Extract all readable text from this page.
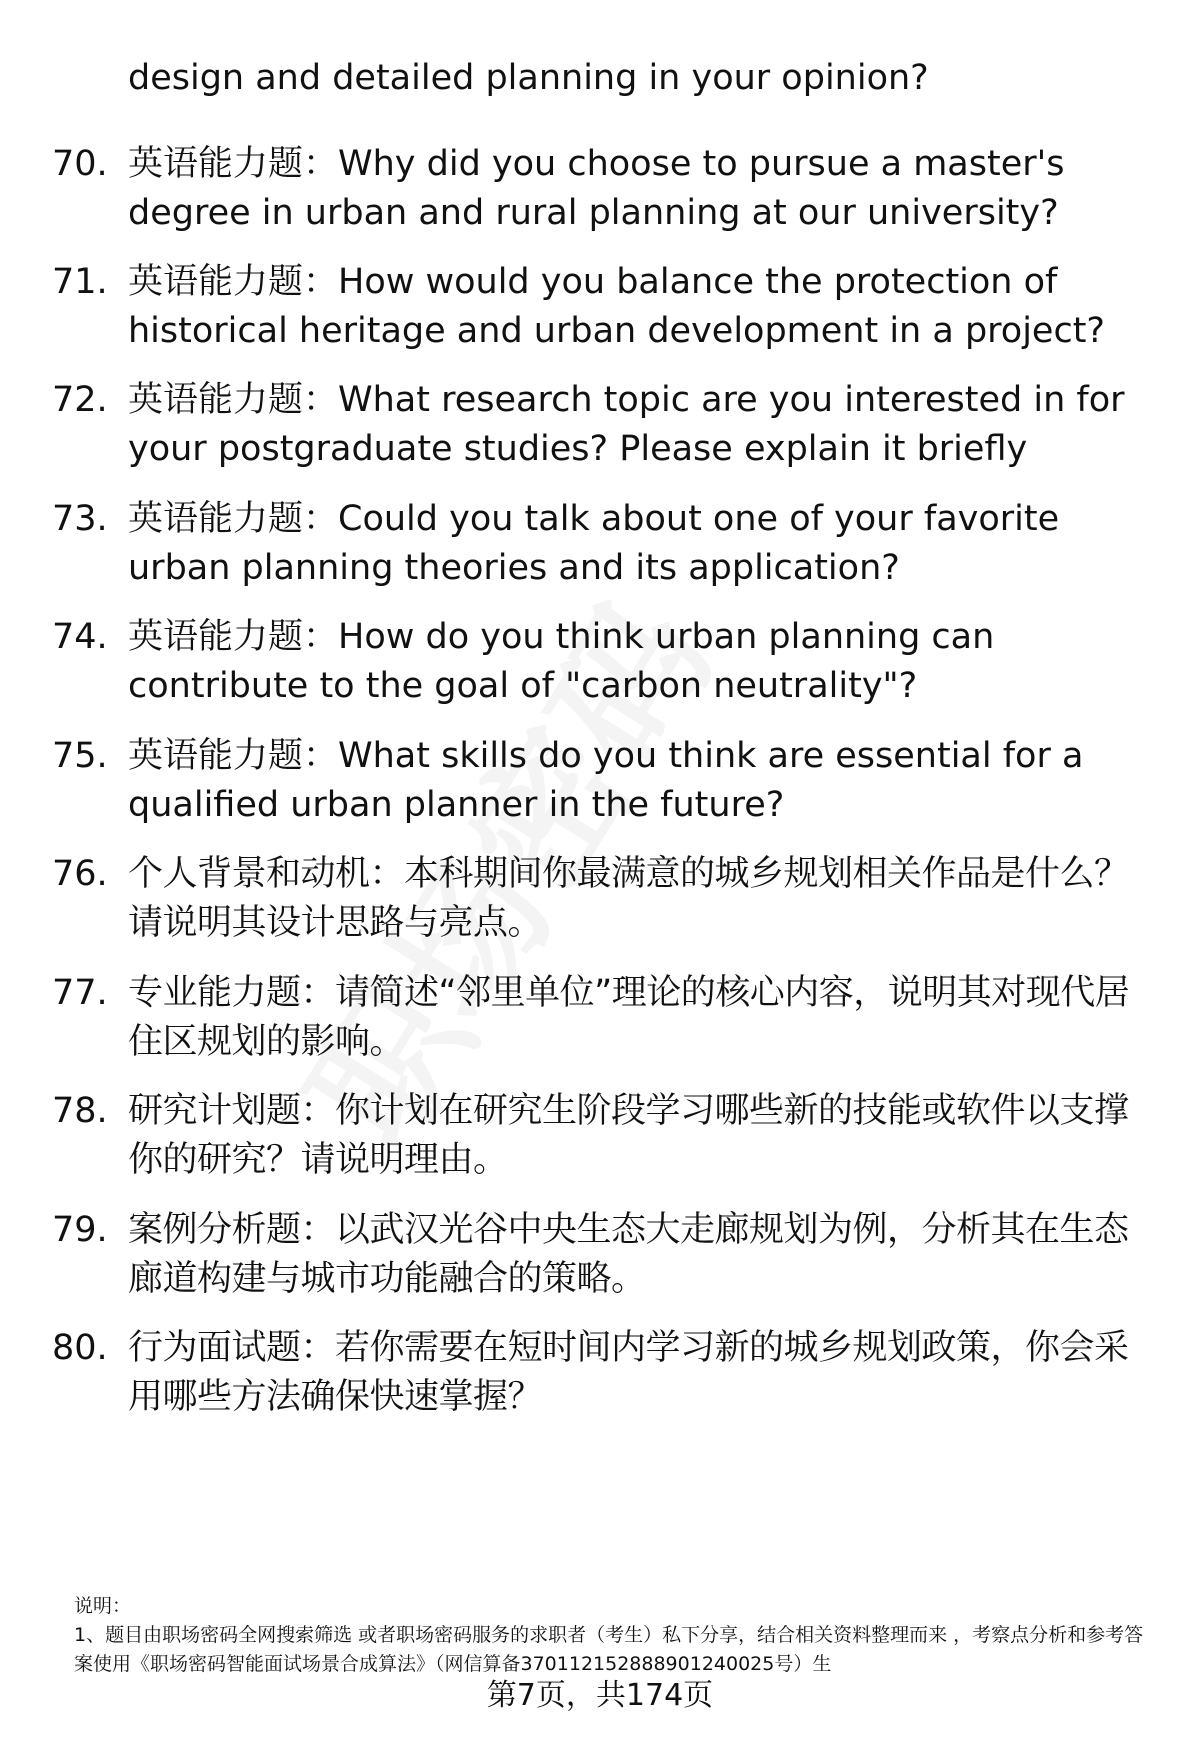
design and detailed planning in your opinion?
70. 英语能力题：Why did you choose to pursue a master's degree in urban and rural planning at our university?
71. 英语能力题：How would you balance the protection of historical heritage and urban development in a project?
72. 英语能力题：What research topic are you interested in for your postgraduate studies? Please explain it briefly
73. 英语能力题：Could you talk about one of your favorite urban planning theories and its application?
74. 英语能力题：How do you think urban planning can contribute to the goal of "carbon neutrality"?
75. 英语能力题：What skills do you think are essential for a qualified urban planner in the future?
76. 个人背景和动机：本科期间你最满意的城乡规划相关作品是什么？请说明其设计思路与亮点。
77. 专业能力题：请简述“邻里单位”理论的核心内容，说明其对现代居住区规划的影响。
78. 研究计划题：你计划在研究生阶段学习哪些新的技能或软件以支撑你的研究？请说明理由。
79. 案例分析题：以武汉光谷中央生态大走廊规划为例，分析其在生态廊道构建与城市功能融合的策略。
80. 行为面试题：若你需要在短时间内学习新的城乡规划政策，你会采用哪些方法确保快速掌握？
说明：
1、题目由职场密码全网搜索筛选 或者职场密码服务的求职者（考生）私下分享，结合相关资料整理而来 ，考察点分析和参考答案使用《职场密码智能面试场景合成算法》（网信算备370112152888901240025号）生
第7页，共174页
